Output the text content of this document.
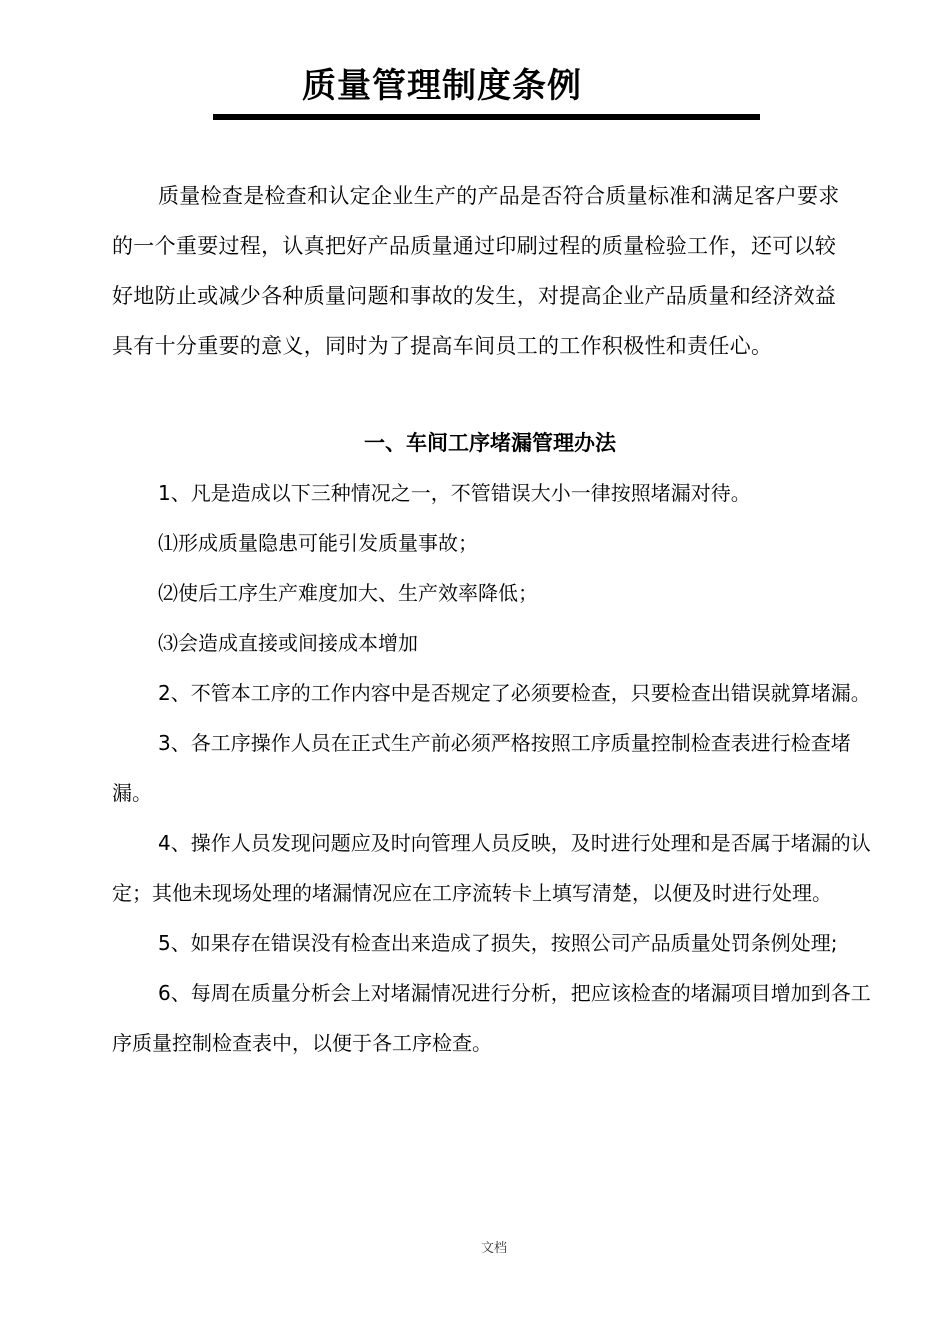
质量管理制度条例

质量检查是检查和认定企业生产的产品是否符合质量标准和满足客户要求的一个重要过程，认真把好产品质量通过印刷过程的质量检验工作，还可以较好地防止或减少各种质量问题和事故的发生，对提高企业产品质量和经济效益具有十分重要的意义，同时为了提高车间员工的工作积极性和责任心。

一、车间工序堵漏管理办法

1、凡是造成以下三种情况之一，不管错误大小一律按照堵漏对待。

⑴形成质量隐患可能引发质量事故；

⑵使后工序生产难度加大、生产效率降低；

⑶会造成直接或间接成本增加

2、不管本工序的工作内容中是否规定了必须要检查，只要检查出错误就算堵漏。

3、各工序操作人员在正式生产前必须严格按照工序质量控制检查表进行检查堵漏。

4、操作人员发现问题应及时向管理人员反映，及时进行处理和是否属于堵漏的认定；其他未现场处理的堵漏情况应在工序流转卡上填写清楚，以便及时进行处理。

5、如果存在错误没有检查出来造成了损失，按照公司产品质量处罚条例处理;

6、每周在质量分析会上对堵漏情况进行分析，把应该检查的堵漏项目增加到各工序质量控制检查表中，以便于各工序检查。

文档
